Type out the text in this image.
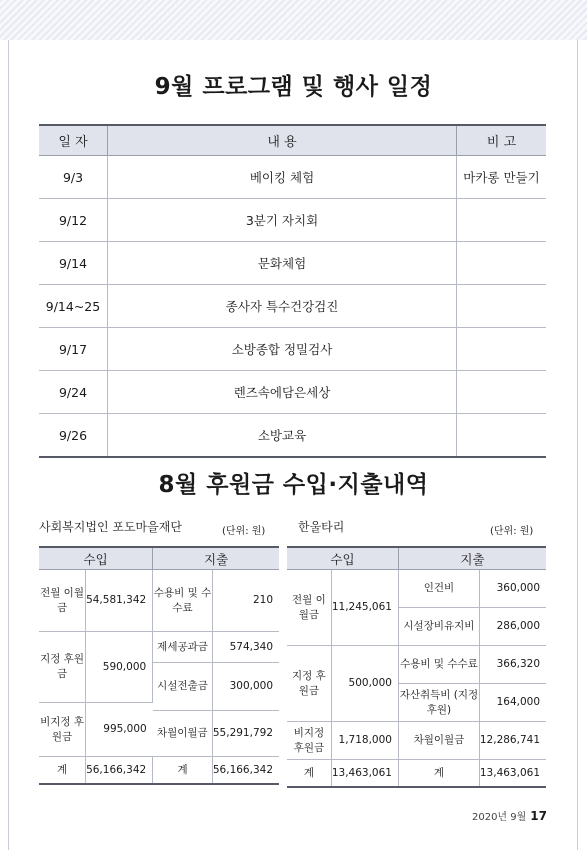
9월 프로그램 및 행사 일정
일 자	내 용	비 고
9/3	베이킹 체험	마카롱 만들기
9/12	3분기 자치회	
9/14	문화체험	
9/14~25	종사자 특수건강검진	
9/17	소방종합 정밀검사	
9/24	렌즈속에담은세상	
9/26	소방교육	
8월 후원금 수입·지출내역
사회복지법인 포도마을재단	(단위: 원)	한울타리	(단위: 원)
수입		지출	
전월 이월금	54,581,342	수용비 및 수수료	210

지정 후원금	590,000	제세공과금	574,340
		시설전출금	300,000
비지정 후원금	995,000		
		차월이월금	55,291,792
계	56,166,342	계	56,166,342
수입		지출	
전월 이월금	11,245,061	인건비	360,000
		시설장비유지비	286,000
지정 후원금	500,000	수용비 및 수수료	366,320
		자산취득비 (지정 후원)	164,000
비지정 후원금	1,718,000	차월이월금	12,286,741
계	13,463,061	계	13,463,061
2020년 9월 17
